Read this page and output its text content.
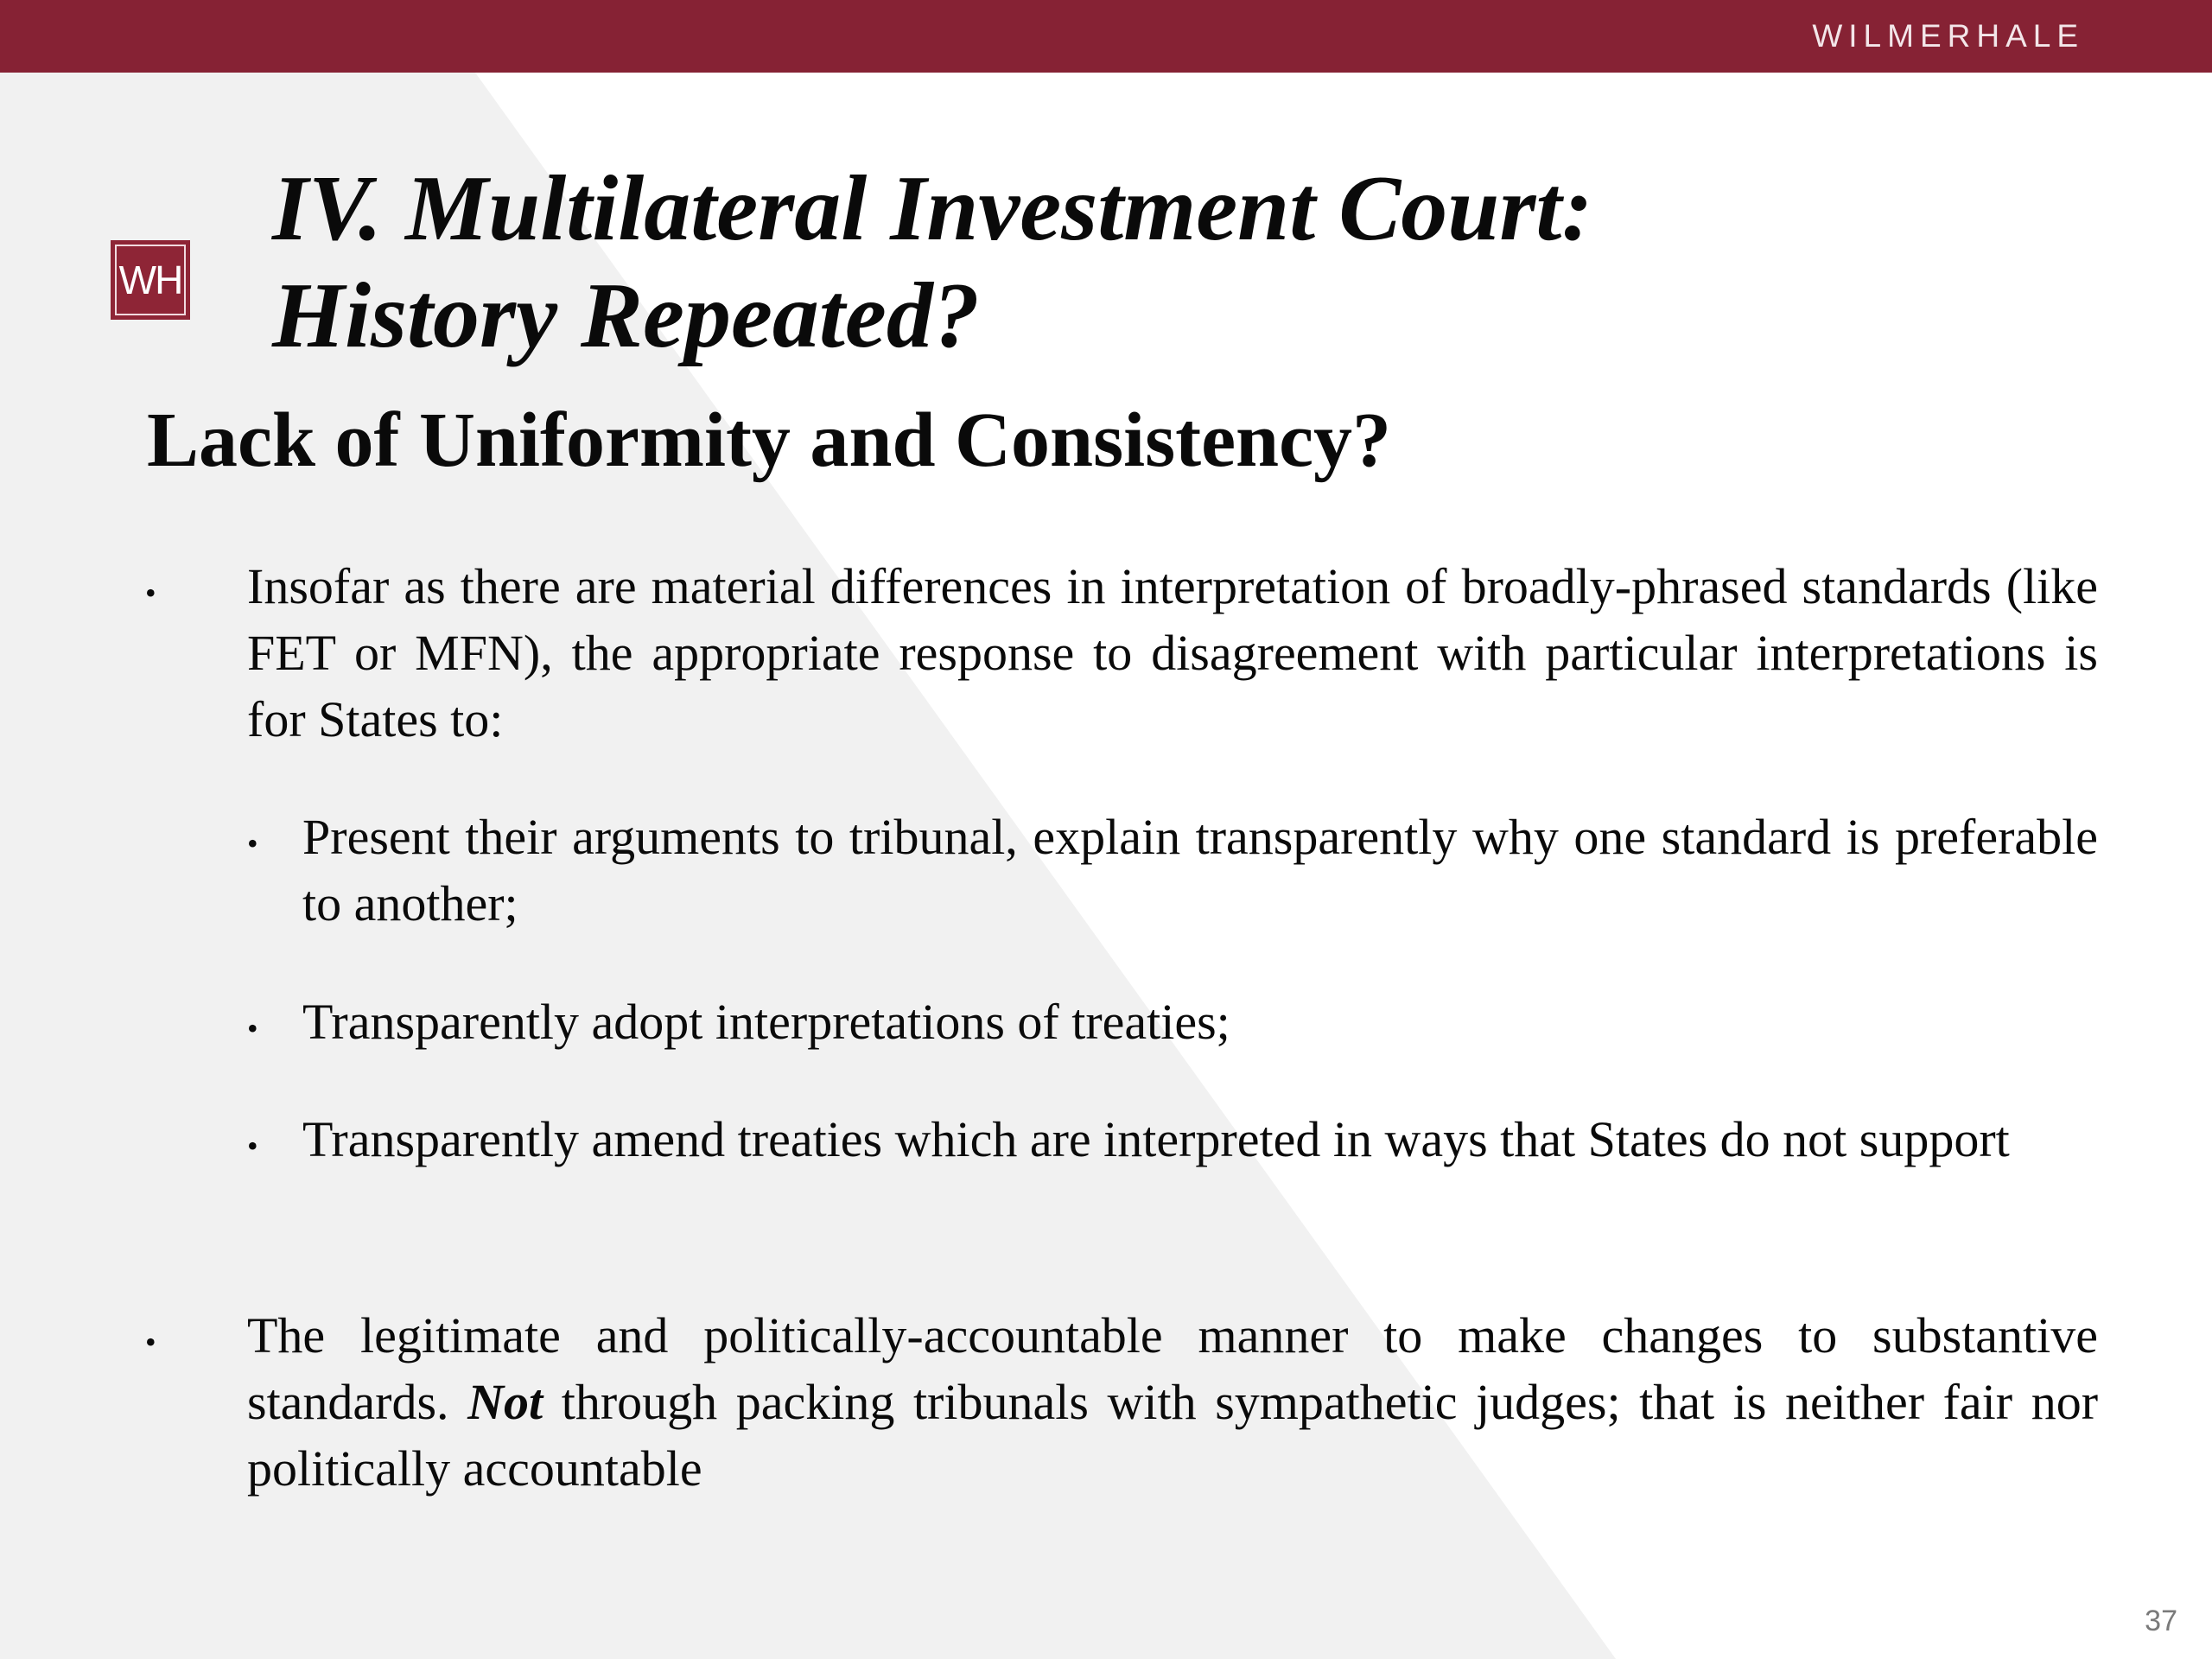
WILMERHALE
WH
IV. Multilateral Investment Court:
History Repeated?
Lack of Uniformity and Consistency?
• Insofar as there are material differences in interpretation of broadly-phrased standards (like FET or MFN), the appropriate response to disagreement with particular interpretations is for States to:
• Present their arguments to tribunal, explain transparently why one standard is preferable to another;
• Transparently adopt interpretations of treaties;
• Transparently amend treaties which are interpreted in ways that States do not support
• The legitimate and politically-accountable manner to make changes to substantive standards. Not through packing tribunals with sympathetic judges; that is neither fair nor politically accountable
37
